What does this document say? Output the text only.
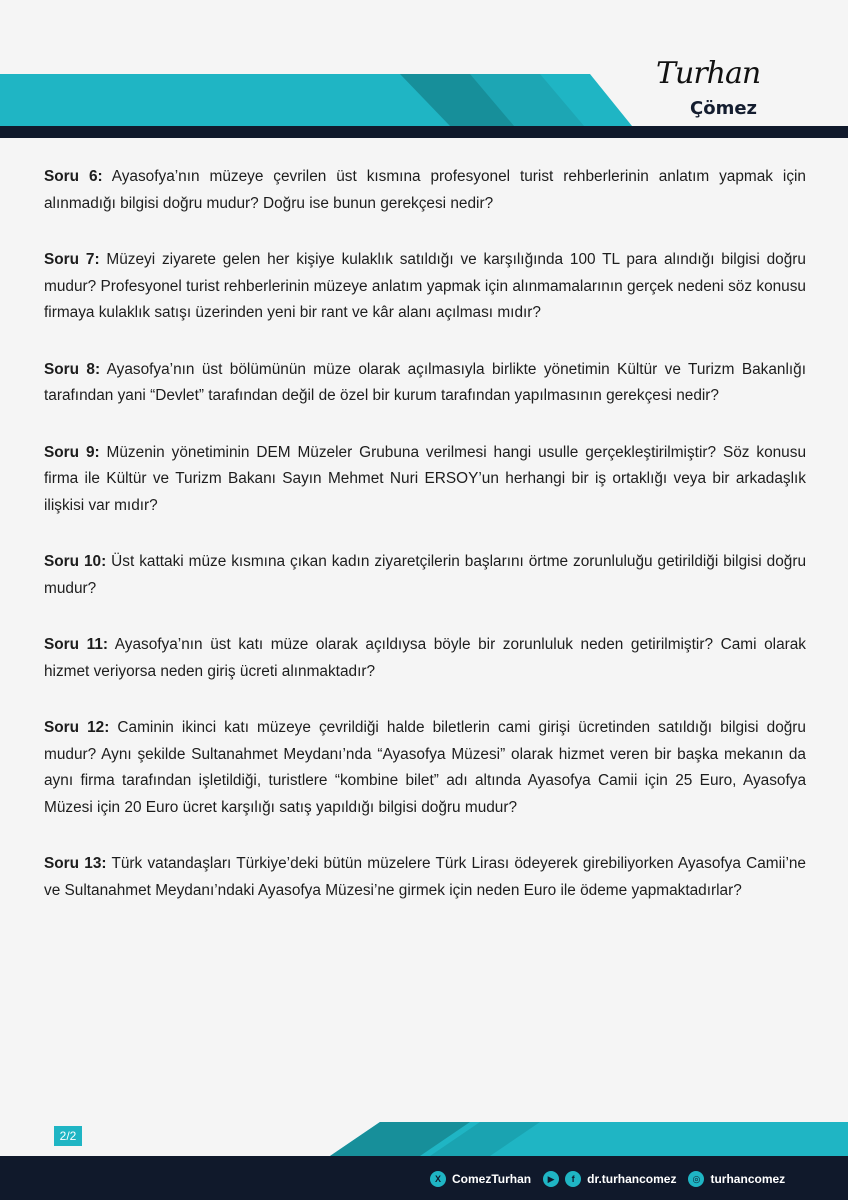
Turhan
Çömez

Soru 6: Ayasofya’nın müzeye çevrilen üst kısmına profesyonel turist rehberlerinin anlatım yapmak için alınmadığı bilgisi doğru mudur? Doğru ise bunun gerekçesi nedir?

Soru 7: Müzeyi ziyarete gelen her kişiye kulaklık satıldığı ve karşılığında 100 TL para alındığı bilgisi doğru mudur? Profesyonel turist rehberlerinin müzeye anlatım yapmak için alınmamalarının gerçek nedeni söz konusu firmaya kulaklık satışı üzerinden yeni bir rant ve kâr alanı açılması mıdır?

Soru 8: Ayasofya’nın üst bölümünün müze olarak açılmasıyla birlikte yönetimin Kültür ve Turizm Bakanlığı tarafından yani “Devlet” tarafından değil de özel bir kurum tarafından yapılmasının gerekçesi nedir?

Soru 9: Müzenin yönetiminin DEM Müzeler Grubuna verilmesi hangi usulle gerçekleştirilmiştir? Söz konusu firma ile Kültür ve Turizm Bakanı Sayın Mehmet Nuri ERSOY’un herhangi bir iş ortaklığı veya bir arkadaşlık ilişkisi var mıdır?

Soru 10: Üst kattaki müze kısmına çıkan kadın ziyaretçilerin başlarını örtme zorunluluğu getirildiği bilgisi doğru mudur?

Soru 11: Ayasofya’nın üst katı müze olarak açıldıysa böyle bir zorunluluk neden getirilmiştir? Cami olarak hizmet veriyorsa neden giriş ücreti alınmaktadır?

Soru 12: Caminin ikinci katı müzeye çevrildiği halde biletlerin cami girişi ücretinden satıldığı bilgisi doğru mudur? Aynı şekilde Sultanahmet Meydanı’nda “Ayasofya Müzesi” olarak hizmet veren bir başka mekanın da aynı firma tarafından işletildiği, turistlere “kombine bilet” adı altında Ayasofya Camii için 25 Euro, Ayasofya Müzesi için 20 Euro ücret karşılığı satış yapıldığı bilgisi doğru mudur?

Soru 13: Türk vatandaşları Türkiye’deki bütün müzelere Türk Lirası ödeyerek girebiliyorken Ayasofya Camii’ne ve Sultanahmet Meydanı’ndaki Ayasofya Müzesi’ne girmek için neden Euro ile ödeme yapmaktadırlar?

2/2
X ComezTurhan	▶	f	dr.turhancomez	◎ turhancomez
